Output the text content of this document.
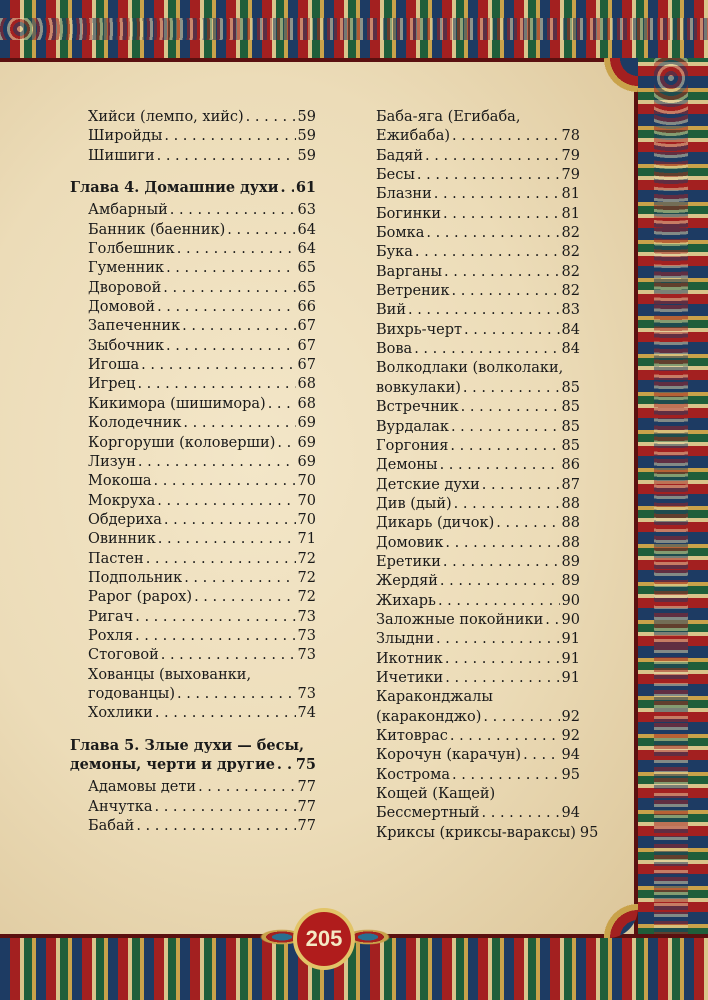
Хийси (лемпо, хийс) . . .	59
Широйды . . .	59
Шишиги . . .	59
Глава 4. Домашние духи . . . 61
Амбарный . . .	63
Банник (баенник) . . .	64
Голбешник . . .	64
Гуменник . . .	65
Дворовой . . .	65
Домовой . . .	66
Запеченник . . .	67
Зыбочник . . .	67
Игоша . . .	67
Игрец . . .	68
Кикимора (шишимора) . . . 68
Колодечник . . .	69
Коргоруши (коловерши) . . . 69
Лизун . . .	69
Мокоша . . .	70
Мокруха . . .	70
Обдериха . . .	70
Овинник . . .	71
Пастен . . .	72
Подпольник . . .	72
Рарог (рарох) . . .	72
Ригач . . .	73
Рохля . . .	73
Стоговой . . .	73
Хованцы (выхованки,
годованцы) . . .	73
Хохлики . . .	74
Глава 5. Злые духи — бесы,
демоны, черти и другие . . . 75
Адамовы дети . . .	77
Анчутка . . .	77
Бабай . . .	77
Баба-яга (Егибаба,
Ежибаба) . . .	78
Бадяй . . .	79
Бесы . . .	79
Блазни . . .	81
Богинки . . .	81
Бомка . . .	82
Бука . . .	82
Варганы . . .	82
Ветреник . . .	82
Вий . . .	83
Вихрь-черт . . .	84
Вова . . .	84
Волкодлаки (волколаки,
вовкулаки) . . .	85
Встречник . . .	85
Вурдалак . . .	85
Горгония . . .	85
Демоны . . .	86
Детские духи . . .	87
Див (дый) . . .	88
Дикарь (дичок) . . .	88
Домовик . . .	88
Еретики . . .	89
Жердяй . . .	89
Жихарь . . .	90
Заложные покойники . . . 90
Злыдни . . .	91
Икотник . . .	91
Ичетики . . .	91
Караконджалы
(караконджо) . . .	92
Китоврас . . .	92
Корочун (карачун) . . .	94
Кострома . . .	95
Кощей (Кащей)
Бессмертный . . .	94
Криксы (криксы-вараксы) 95
205
